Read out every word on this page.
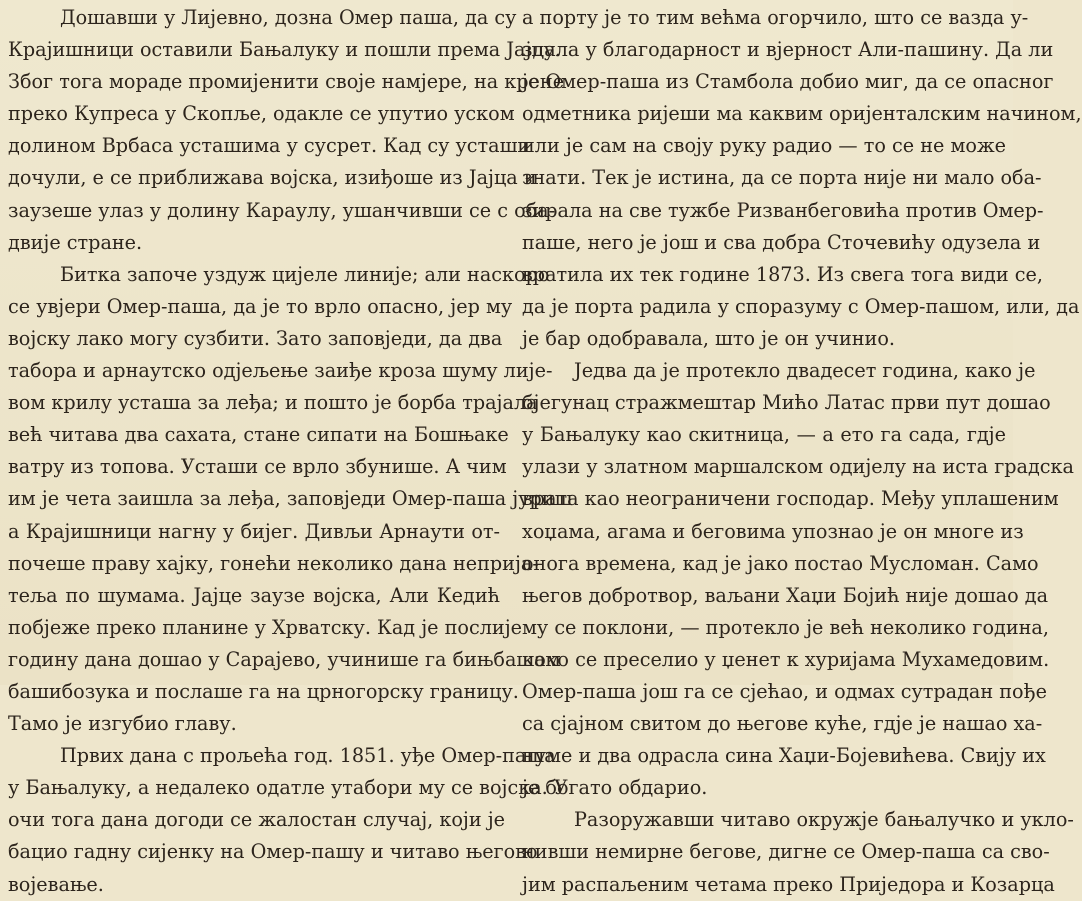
Дошавши у Лијевно, дозна Омер паша, да су
Крајишници оставили Бањалуку и пошли према Јајцу.
Због тога мораде промијенити своје намјере, на крене
преко Купреса у Скопље, одакле се упутио уском
долином Врбаса усташима у сусрет. Кад су усташи
дочули, е се приближава војска, изиђоше из Јајца и
заузеше улаз у долину Караулу, ушанчивши се с оба-
двије стране.
Битка започе уздуж цијеле линије; али наскоро
се увјери Омер-паша, да је то врло опасно, јер му
војску лако могу сузбити. Зато заповједи, да два
табора и арнаутско одјељење заиђе кроза шуму лије-
вом крилу усташа за леђа; и пошто је борба трајала
већ читава два сахата, стане сипати на Бошњаке
ватру из топова. Усташи се врло збунише. А чим
им је чета заишла за леђа, заповједи Омер-паша јуриш
а Крајишници нагну у бијег. Дивљи Арнаути от-
почеше праву хајку, гонећи неколико дана неприја-
теља по шумама. Јајце заузе војска, Али Кедић
побјеже преко планине у Хрватску. Кад је послије
годину дана дошао у Сарајево, учинише га бињбашом
башибозука и послаше га на црногорску границу.
Тамо је изгубио главу.
Првих дана с прољећа год. 1851. уђе Омер-паша
у Бањалуку, а недалеко одатле утабори му се војска. У
очи тога дана догоди се жалостан случај, који је
бацио гадну сијенку на Омер-пашу и читаво његово
војевање.
а порту је то тим већма огорчило, што се вазда у-
здала у благодарност и вјерност Али-пашину. Да ли
је Омер-паша из Стамбола добио миг, да се опасног
одметника ријеши ма каквим оријенталским начином,
или је сам на своју руку радио — то се не може
знати. Тек је истина, да се порта није ни мало оба-
зирала на све тужбе Ризванбеговића против Омер-
паше, него је још и сва добра Сточевићу одузела и
вратила их тек године 1873. Из свега тога види се,
да је порта радила у споразуму с Омер-пашом, или, да
је бар одобравала, што је он учинио.
Једва да је протекло двадесет година, како је
бјегунац стражмештар Мићо Латас први пут дошао
у Бањалуку као скитница, — а ето га сада, гдје
улази у златном маршалском одијелу на иста градска
врата као неограничени господар. Међу уплашеним
хоџама, агама и беговима упознао је он многе из
оногa времена, кад је јако постао Мусломан. Само
његов добротвор, ваљани Хаџи Бојић није дошао да
му се поклони, — протекло је већ неколико година,
како се преселио у џенет к хуријама Мухамедовим.
Омер-паша још га се сјећао, и одмах сутрадан пође
са сјајном свитом до његове куће, гдје је нашао ха-
нуме и два одрасла сина Хаџи-Бојевићева. Свију их
је богато обдарио.
Разоружавши читаво окружје бањалучко и уклo-
нивши немирне бегове, дигне се Омер-паша са сво-
јим распаљеним четама преко Приједора и Козарца
